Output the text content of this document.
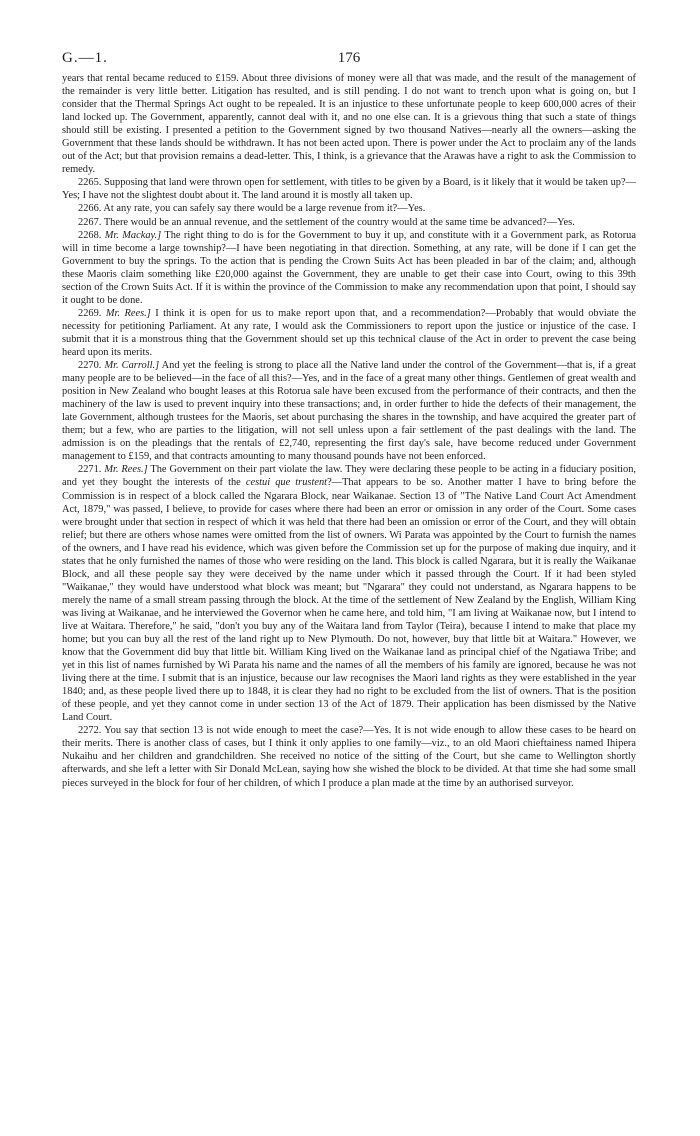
G.—1.	176

years that rental became reduced to £159. About three divisions of money were all that was made, and the result of the management of the remainder is very little better. Litigation has resulted, and is still pending. I do not want to trench upon what is going on, but I consider that the Thermal Springs Act ought to be repealed. It is an injustice to these unfortunate people to keep 600,000 acres of their land locked up. The Government, apparently, cannot deal with it, and no one else can. It is a grievous thing that such a state of things should still be existing. I presented a petition to the Government signed by two thousand Natives—nearly all the owners—asking the Government that these lands should be withdrawn. It has not been acted upon. There is power under the Act to proclaim any of the lands out of the Act; but that provision remains a dead-letter. This, I think, is a grievance that the Arawas have a right to ask the Commission to remedy.

2265. Supposing that land were thrown open for settlement, with titles to be given by a Board, is it likely that it would be taken up?—Yes; I have not the slightest doubt about it. The land around it is mostly all taken up.

2266. At any rate, you can safely say there would be a large revenue from it?—Yes.

2267. There would be an annual revenue, and the settlement of the country would at the same time be advanced?—Yes.

2268. Mr. Mackay.] The right thing to do is for the Government to buy it up, and constitute with it a Government park, as Rotorua will in time become a large township?—I have been negotiating in that direction. Something, at any rate, will be done if I can get the Government to buy the springs. To the action that is pending the Crown Suits Act has been pleaded in bar of the claim; and, although these Maoris claim something like £20,000 against the Government, they are unable to get their case into Court, owing to this 39th section of the Crown Suits Act. If it is within the province of the Commission to make any recommendation upon that point, I should say it ought to be done.

2269. Mr. Rees.] I think it is open for us to make report upon that, and a recommendation?—Probably that would obviate the necessity for petitioning Parliament. At any rate, I would ask the Commissioners to report upon the justice or injustice of the case. I submit that it is a monstrous thing that the Government should set up this technical clause of the Act in order to prevent the case being heard upon its merits.

2270. Mr. Carroll.] And yet the feeling is strong to place all the Native land under the control of the Government—that is, if a great many people are to be believed—in the face of all this?—Yes, and in the face of a great many other things. Gentlemen of great wealth and position in New Zealand who bought leases at this Rotorua sale have been excused from the performance of their contracts, and then the machinery of the law is used to prevent inquiry into these transactions; and, in order further to hide the defects of their management, the late Government, although trustees for the Maoris, set about purchasing the shares in the township, and have acquired the greater part of them; but a few, who are parties to the litigation, will not sell unless upon a fair settlement of the past dealings with the land. The admission is on the pleadings that the rentals of £2,740, representing the first day's sale, have become reduced under Government management to £159, and that contracts amounting to many thousand pounds have not been enforced.

2271. Mr. Rees.] The Government on their part violate the law. They were declaring these people to be acting in a fiduciary position, and yet they bought the interests of the cestui que trustent?—That appears to be so. Another matter I have to bring before the Commission is in respect of a block called the Ngarara Block, near Waikanae. Section 13 of "The Native Land Court Act Amendment Act, 1879," was passed, I believe, to provide for cases where there had been an error or omission in any order of the Court. Some cases were brought under that section in respect of which it was held that there had been an omission or error of the Court, and they will obtain relief; but there are others whose names were omitted from the list of owners. Wi Parata was appointed by the Court to furnish the names of the owners, and I have read his evidence, which was given before the Commission set up for the purpose of making due inquiry, and it states that he only furnished the names of those who were residing on the land. This block is called Ngarara, but it is really the Waikanae Block, and all these people say they were deceived by the name under which it passed through the Court. If it had been styled "Waikanae," they would have understood what block was meant; but "Ngarara" they could not understand, as Ngarara happens to be merely the name of a small stream passing through the block. At the time of the settlement of New Zealand by the English, William King was living at Waikanae, and he interviewed the Governor when he came here, and told him, "I am living at Waikanae now, but I intend to live at Waitara. Therefore," he said, "don't you buy any of the Waitara land from Taylor (Teira), because I intend to make that place my home; but you can buy all the rest of the land right up to New Plymouth. Do not, however, buy that little bit at Waitara." However, we know that the Government did buy that little bit. William King lived on the Waikanae land as principal chief of the Ngatiawa Tribe; and yet in this list of names furnished by Wi Parata his name and the names of all the members of his family are ignored, because he was not living there at the time. I submit that is an injustice, because our law recognises the Maori land rights as they were established in the year 1840; and, as these people lived there up to 1848, it is clear they had no right to be excluded from the list of owners. That is the position of these people, and yet they cannot come in under section 13 of the Act of 1879. Their application has been dismissed by the Native Land Court.

2272. You say that section 13 is not wide enough to meet the case?—Yes. It is not wide enough to allow these cases to be heard on their merits. There is another class of cases, but I think it only applies to one family—viz., to an old Maori chieftainess named Ihipera Nukaihu and her children and grandchildren. She received no notice of the sitting of the Court, but she came to Wellington shortly afterwards, and she left a letter with Sir Donald McLean, saying how she wished the block to be divided. At that time she had some small pieces surveyed in the block for four of her children, of which I produce a plan made at the time by an authorised surveyor.
